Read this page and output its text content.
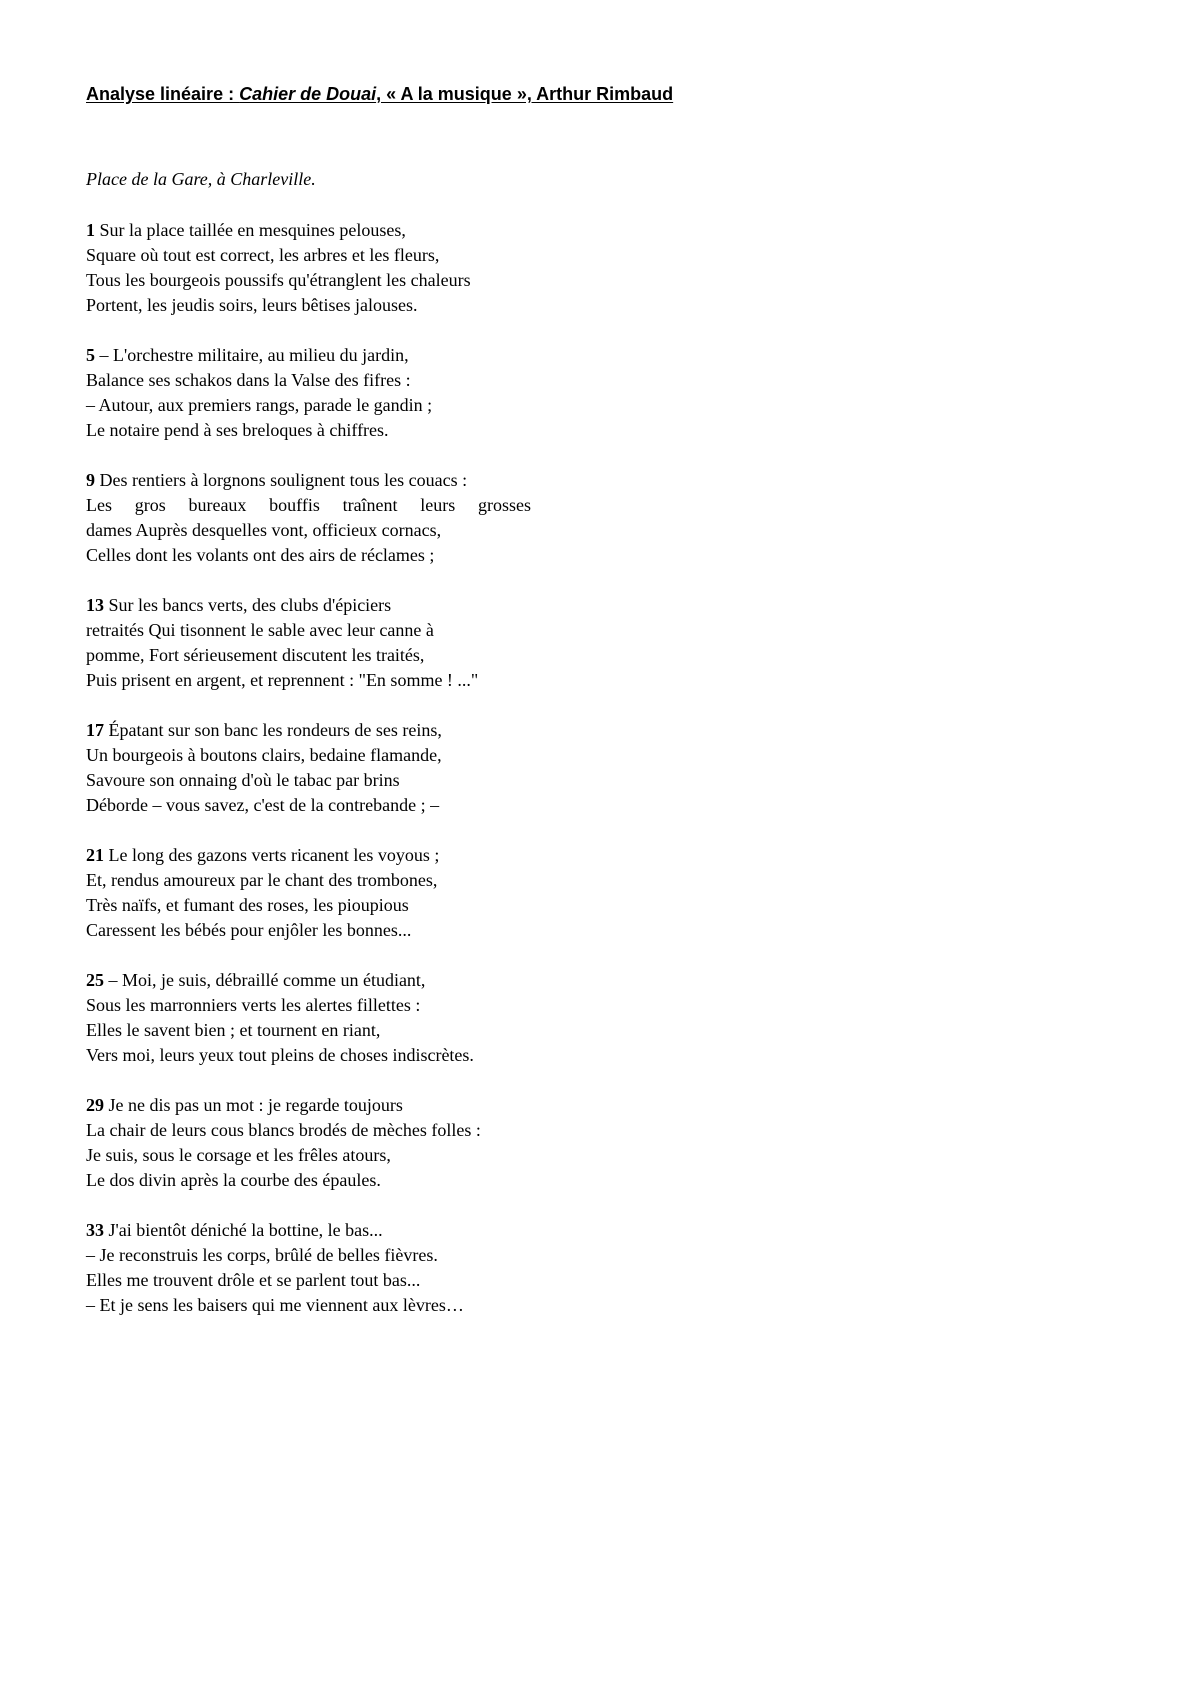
Analyse linéaire : Cahier de Douai, « A la musique », Arthur Rimbaud
Place de la Gare, à Charleville.
1 Sur la place taillée en mesquines pelouses,
Square où tout est correct, les arbres et les fleurs,
Tous les bourgeois poussifs qu'étranglent les chaleurs
Portent, les jeudis soirs, leurs bêtises jalouses.
5 – L'orchestre militaire, au milieu du jardin,
Balance ses schakos dans la Valse des fifres :
– Autour, aux premiers rangs, parade le gandin ;
Le notaire pend à ses breloques à chiffres.
9 Des rentiers à lorgnons soulignent tous les couacs :
Les gros bureaux bouffis traînent leurs grosses
dames Auprès desquelles vont, officieux cornacs,
Celles dont les volants ont des airs de réclames ;
13 Sur les bancs verts, des clubs d'épiciers
retraités Qui tisonnent le sable avec leur canne à
pomme, Fort sérieusement discutent les traités,
Puis prisent en argent, et reprennent : "En somme ! ..."
17 Épatant sur son banc les rondeurs de ses reins,
Un bourgeois à boutons clairs, bedaine flamande,
Savoure son onnaing d'où le tabac par brins
Déborde – vous savez, c'est de la contrebande ; –
21 Le long des gazons verts ricanent les voyous ;
Et, rendus amoureux par le chant des trombones,
Très naïfs, et fumant des roses, les pioupious
Caressent les bébés pour enjôler les bonnes...
25 – Moi, je suis, débraillé comme un étudiant,
Sous les marronniers verts les alertes fillettes :
Elles le savent bien ; et tournent en riant,
Vers moi, leurs yeux tout pleins de choses indiscrètes.
29 Je ne dis pas un mot : je regarde toujours
La chair de leurs cous blancs brodés de mèches folles :
Je suis, sous le corsage et les frêles atours,
Le dos divin après la courbe des épaules.
33 J'ai bientôt déniché la bottine, le bas...
– Je reconstruis les corps, brûlé de belles fièvres.
Elles me trouvent drôle et se parlent tout bas...
– Et je sens les baisers qui me viennent aux lèvres…
